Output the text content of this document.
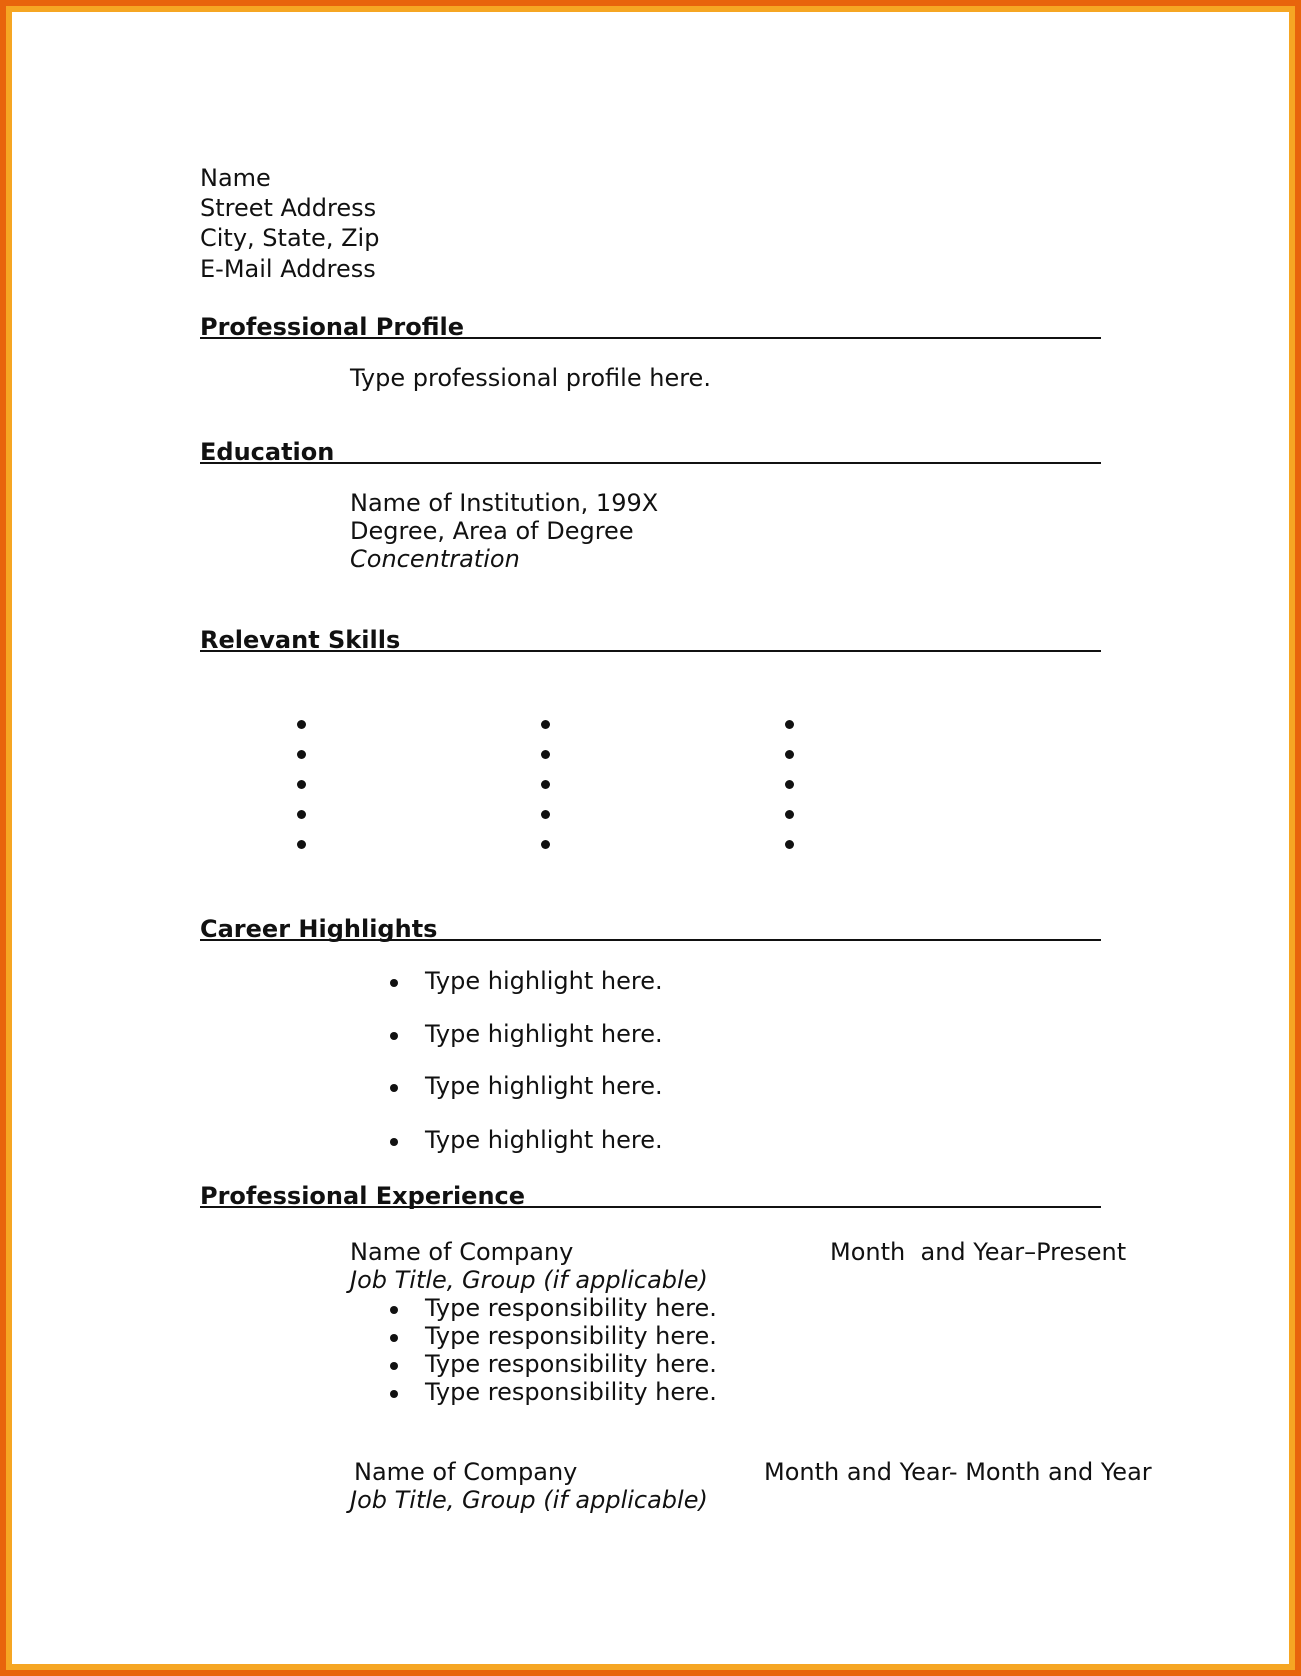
Name
Street Address
City, State, Zip
E-Mail Address
Professional Profile
Type professional profile here.
Education
Name of Institution, 199X
Degree, Area of Degree
Concentration
Relevant Skills
Career Highlights
Type highlight here.
Type highlight here.
Type highlight here.
Type highlight here.
Professional Experience
Name of Company	Month  and Year–Present
Job Title, Group (if applicable)
Type responsibility here.
Type responsibility here.
Type responsibility here.
Type responsibility here.
Name of Company	Month and Year- Month and Year
Job Title, Group (if applicable)
